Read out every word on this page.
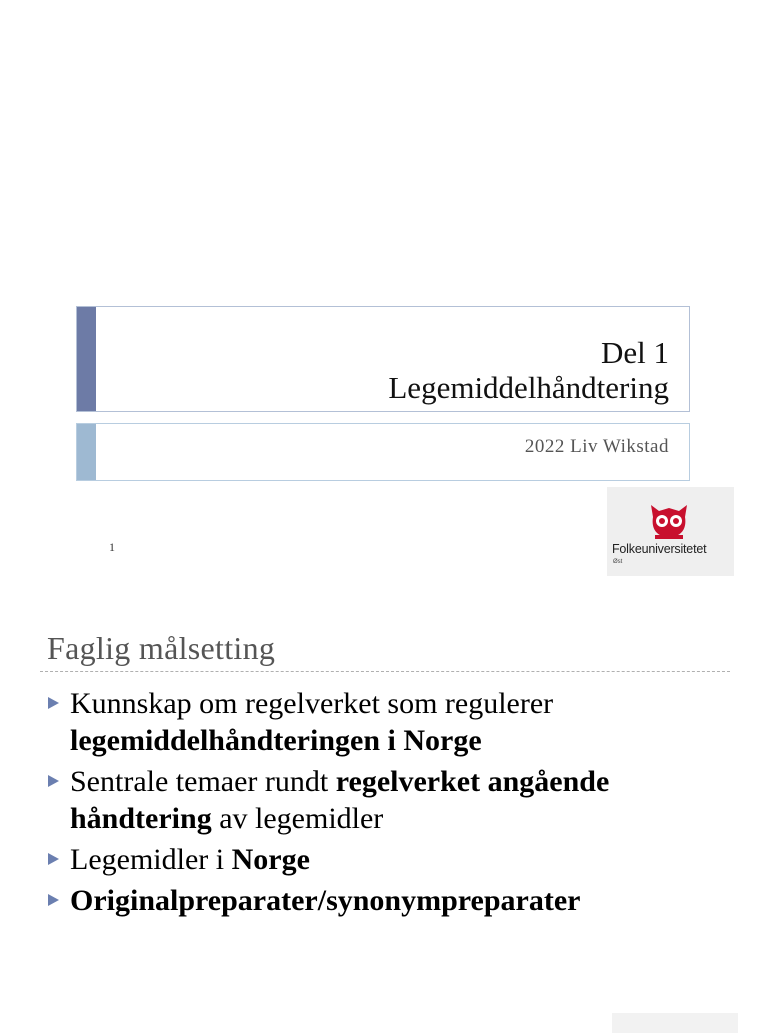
Del 1
Legemiddelhåndtering
2022 Liv Wikstad
1	Folkeuniversitetet
Øst
Faglig målsetting
Kunnskap om regelverket som regulerer legemiddelhåndteringen i Norge
Sentrale temaer rundt regelverket angående håndtering av legemidler
Legemidler i Norge
Originalpreparater/synonympreparater
